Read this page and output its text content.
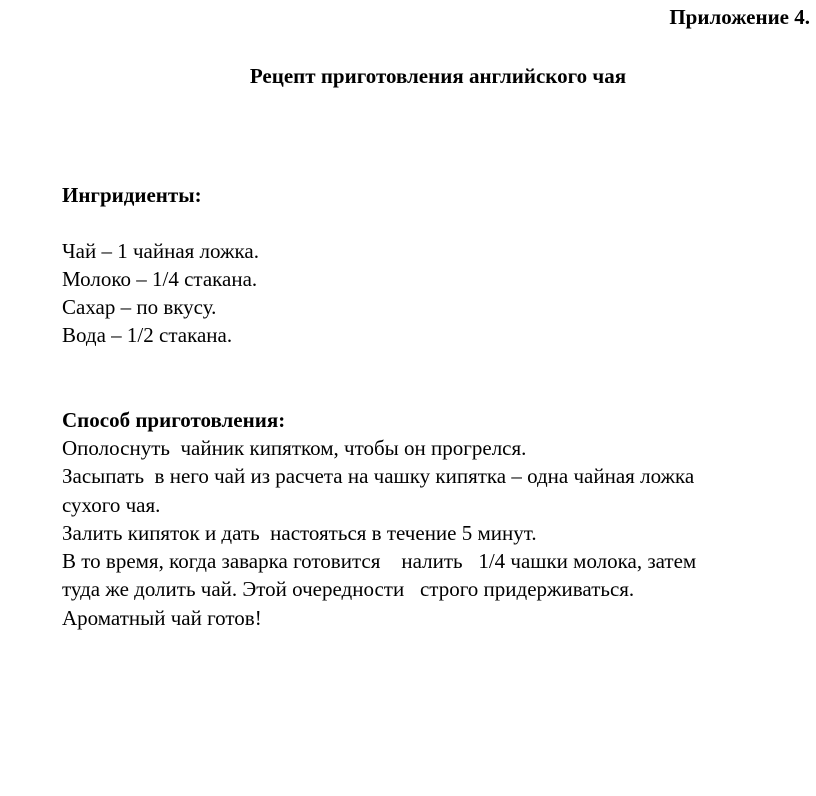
Приложение 4.
Рецепт приготовления английского чая
Ингридиенты:
Чай – 1 чайная ложка.
Молоко – 1/4 стакана.
Сахар – по вкусу.
Вода – 1/2 стакана.
Способ приготовления:
Ополоснуть  чайник кипятком, чтобы он прогрелся.
Засыпать  в него чай из расчета на чашку кипятка – одна чайная ложка
сухого чая.
Залить кипяток и дать  настояться в течение 5 минут.
В то время, когда заварка готовится    налить   1/4 чашки молока, затем
туда же долить чай. Этой очередности   строго придерживаться.
Ароматный чай готов!
